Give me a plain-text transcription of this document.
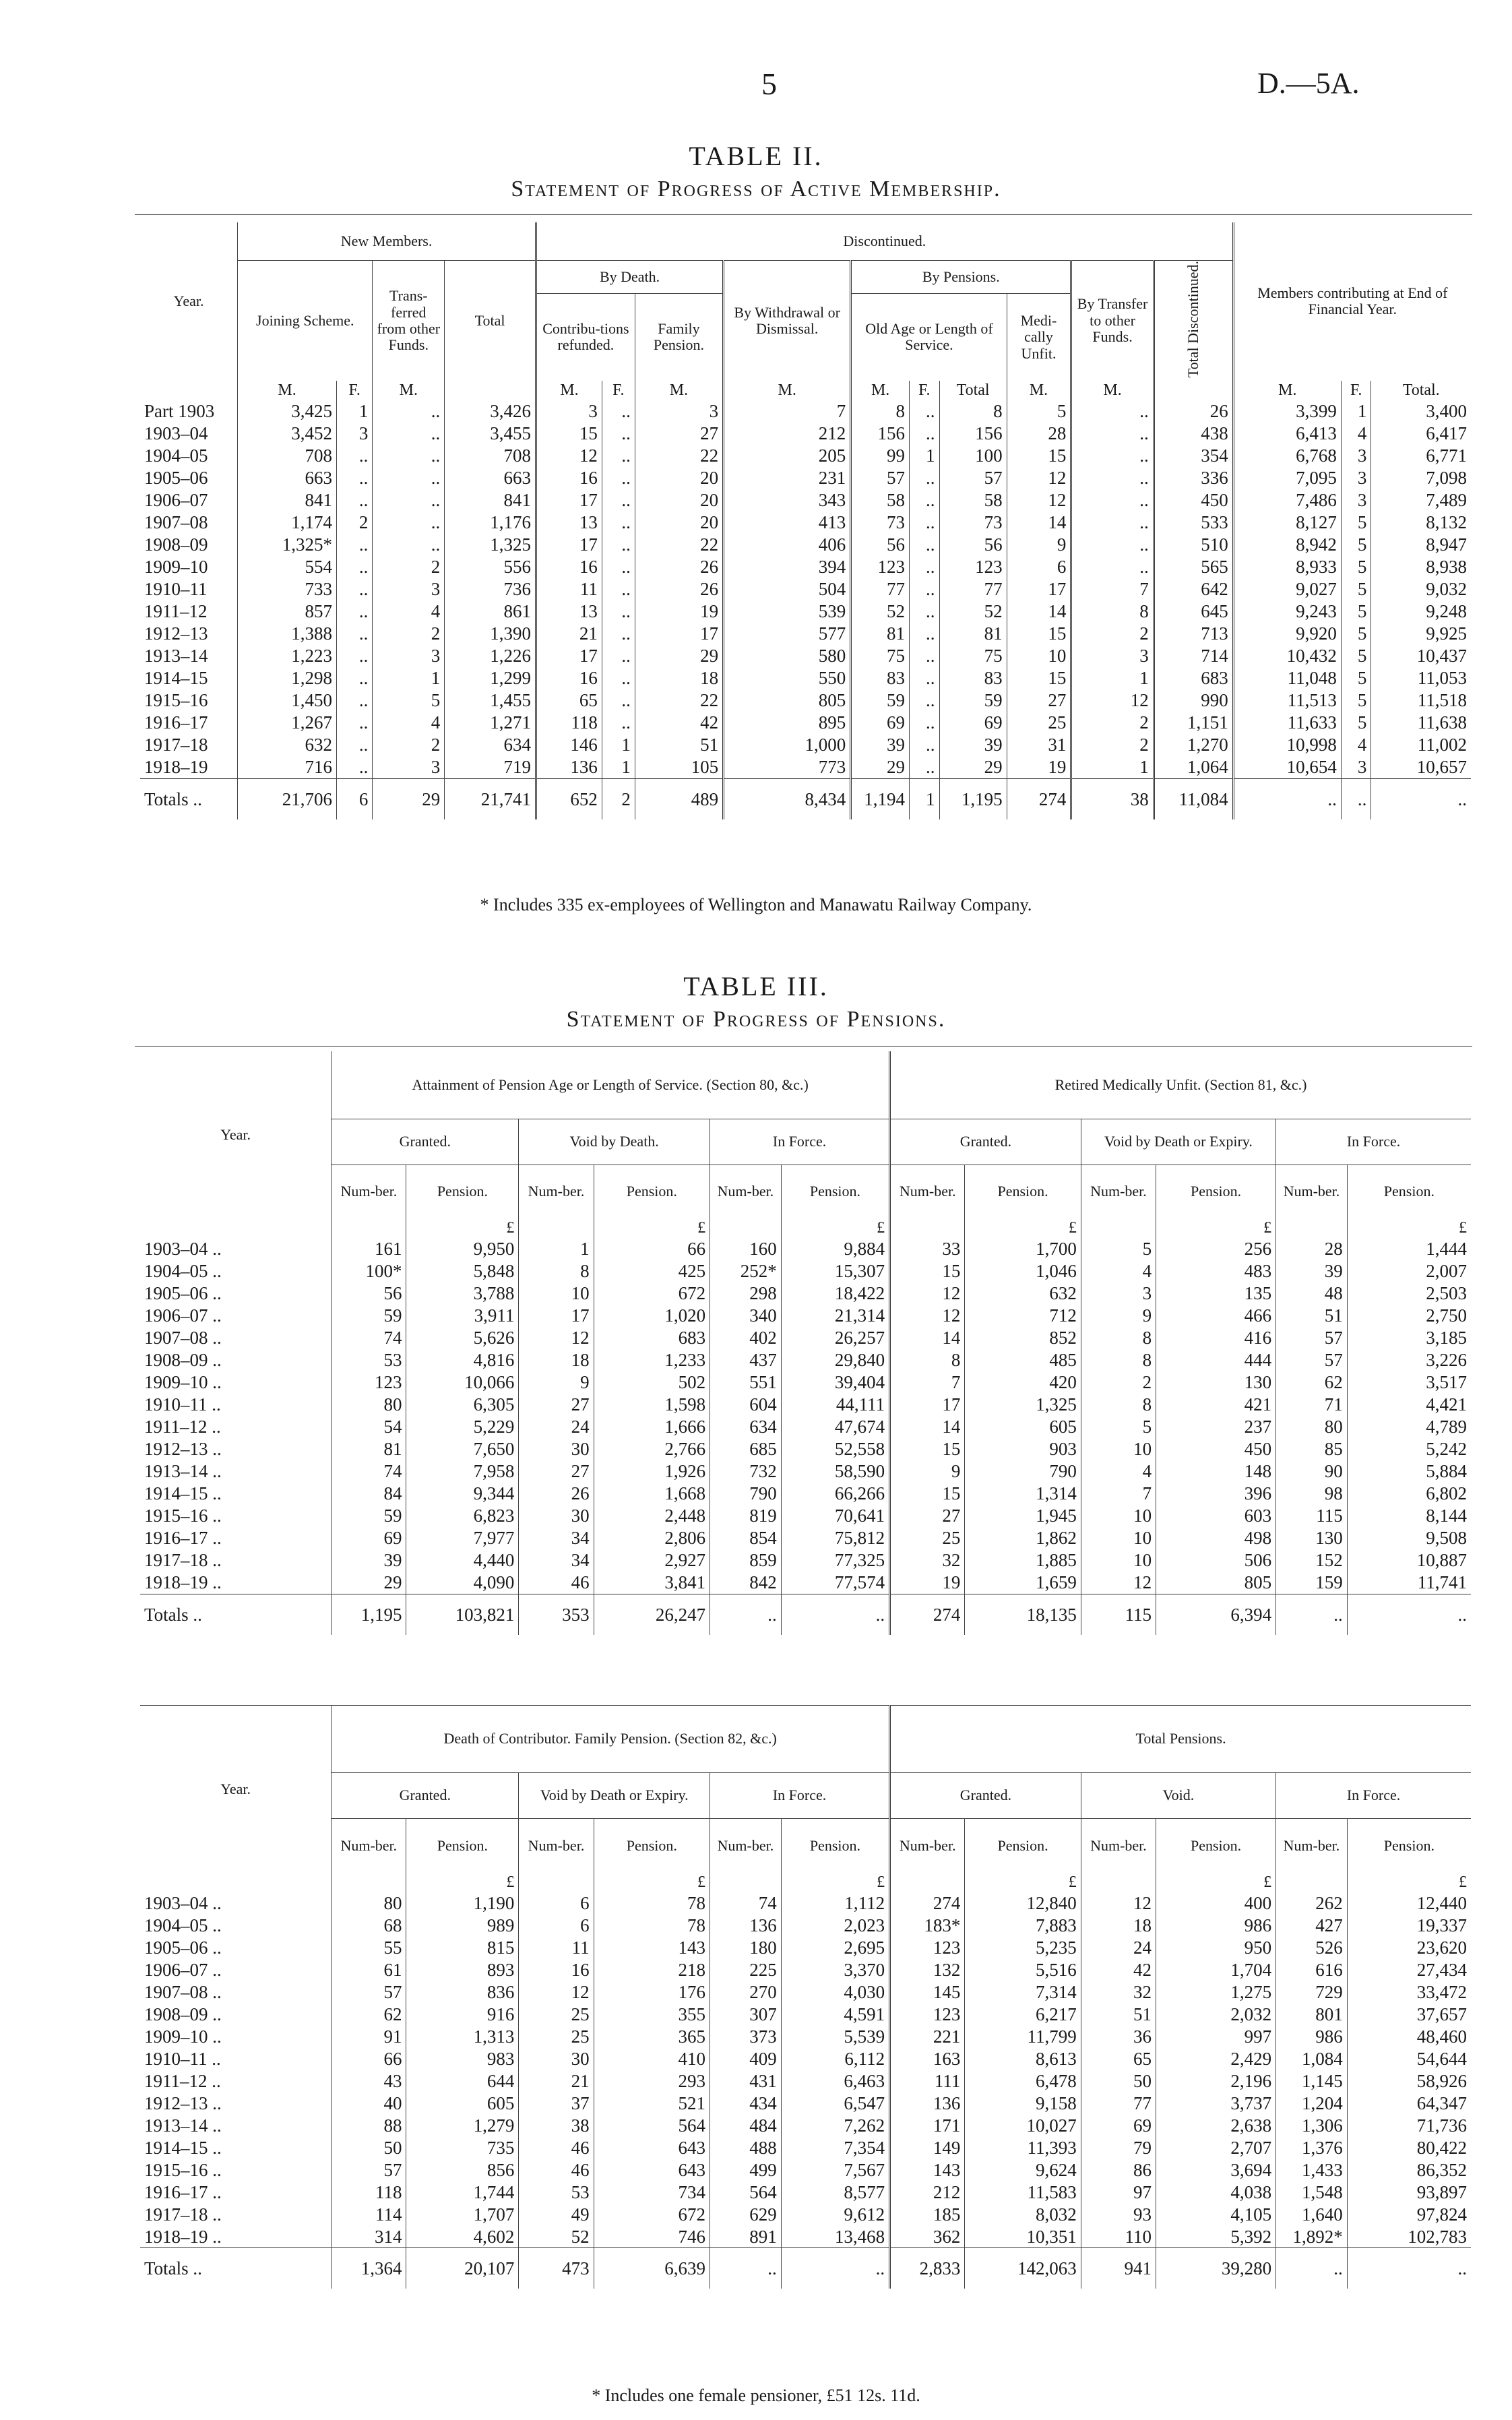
5	D.—5A.
TABLE II.
Statement of Progress of Active Membership.
Year.	New Members.				Discontinued.										Members contributing at End of Financial Year.		
	Joining Scheme.		Trans-ferred from other Funds.	Total	By Death.			By Withdrawal or Dismissal.	By Pensions.				By Transfer to other Funds.	Total Discontinued.			
					Contribu-tions refunded.		Family Pension.		Old Age or Length of Service.			Medi-cally Unfit.					
	M.	F.	M.		M.	F.	M.	M.	M.	F.	Total	M.	M.		M.	F.	Total.
Part 1903	3,425	1	..	3,426	3	..	3	7	8	..	8	5	..	26	3,399	1	3,400
1903–04	3,452	3	..	3,455	15	..	27	212	156	..	156	28	..	438	6,413	4	6,417
1904–05	708	..	..	708	12	..	22	205	99	1	100	15	..	354	6,768	3	6,771
1905–06	663	..	..	663	16	..	20	231	57	..	57	12	..	336	7,095	3	7,098
1906–07	841	..	..	841	17	..	20	343	58	..	58	12	..	450	7,486	3	7,489
1907–08	1,174	2	..	1,176	13	..	20	413	73	..	73	14	..	533	8,127	5	8,132
1908–09	1,325*	..	..	1,325	17	..	22	406	56	..	56	9	..	510	8,942	5	8,947
1909–10	554	..	2	556	16	..	26	394	123	..	123	6	..	565	8,933	5	8,938
1910–11	733	..	3	736	11	..	26	504	77	..	77	17	7	642	9,027	5	9,032
1911–12	857	..	4	861	13	..	19	539	52	..	52	14	8	645	9,243	5	9,248
1912–13	1,388	..	2	1,390	21	..	17	577	81	..	81	15	2	713	9,920	5	9,925
1913–14	1,223	..	3	1,226	17	..	29	580	75	..	75	10	3	714	10,432	5	10,437
1914–15	1,298	..	1	1,299	16	..	18	550	83	..	83	15	1	683	11,048	5	11,053
1915–16	1,450	..	5	1,455	65	..	22	805	59	..	59	27	12	990	11,513	5	11,518
1916–17	1,267	..	4	1,271	118	..	42	895	69	..	69	25	2	1,151	11,633	5	11,638
1917–18	632	..	2	634	146	1	51	1,000	39	..	39	31	2	1,270	10,998	4	11,002
1918–19	716	..	3	719	136	1	105	773	29	..	29	19	1	1,064	10,654	3	10,657
Totals ..	21,706	6	29	21,741	652	2	489	8,434	1,194	1	1,195	274	38	11,084	..	..	..
* Includes 335 ex-employees of Wellington and Manawatu Railway Company.
TABLE III.
Statement of Progress of Pensions.
Year.	Attainment of Pension Age or Length of Service. (Section 80, &c.)						Retired Medically Unfit. (Section 81, &c.)					
	Granted.		Void by Death.		In Force.		Granted.		Void by Death or Expiry.		In Force.	
	Num-ber.	Pension.	Num-ber.	Pension.	Num-ber.	Pension.	Num-ber.	Pension.	Num-ber.	Pension.	Num-ber.	Pension.
		£		£		£		£		£		£
1903–04 ..	161	9,950	1	66	160	9,884	33	1,700	5	256	28	1,444
1904–05 ..	100*	5,848	8	425	252*	15,307	15	1,046	4	483	39	2,007
1905–06 ..	56	3,788	10	672	298	18,422	12	632	3	135	48	2,503
1906–07 ..	59	3,911	17	1,020	340	21,314	12	712	9	466	51	2,750
1907–08 ..	74	5,626	12	683	402	26,257	14	852	8	416	57	3,185
1908–09 ..	53	4,816	18	1,233	437	29,840	8	485	8	444	57	3,226
1909–10 ..	123	10,066	9	502	551	39,404	7	420	2	130	62	3,517
1910–11 ..	80	6,305	27	1,598	604	44,111	17	1,325	8	421	71	4,421
1911–12 ..	54	5,229	24	1,666	634	47,674	14	605	5	237	80	4,789
1912–13 ..	81	7,650	30	2,766	685	52,558	15	903	10	450	85	5,242
1913–14 ..	74	7,958	27	1,926	732	58,590	9	790	4	148	90	5,884
1914–15 ..	84	9,344	26	1,668	790	66,266	15	1,314	7	396	98	6,802
1915–16 ..	59	6,823	30	2,448	819	70,641	27	1,945	10	603	115	8,144
1916–17 ..	69	7,977	34	2,806	854	75,812	25	1,862	10	498	130	9,508
1917–18 ..	39	4,440	34	2,927	859	77,325	32	1,885	10	506	152	10,887
1918–19 ..	29	4,090	46	3,841	842	77,574	19	1,659	12	805	159	11,741
Totals ..	1,195	103,821	353	26,247	..	..	274	18,135	115	6,394	..	..
Year.	Death of Contributor. Family Pension. (Section 82, &c.)						Total Pensions.					
	Granted.		Void by Death or Expiry.		In Force.		Granted.		Void.		In Force.	
	Num-ber.	Pension.	Num-ber.	Pension.	Num-ber.	Pension.	Num-ber.	Pension.	Num-ber.	Pension.	Num-ber.	Pension.
		£		£		£		£		£		£
1903–04 ..	80	1,190	6	78	74	1,112	274	12,840	12	400	262	12,440
1904–05 ..	68	989	6	78	136	2,023	183*	7,883	18	986	427	19,337
1905–06 ..	55	815	11	143	180	2,695	123	5,235	24	950	526	23,620
1906–07 ..	61	893	16	218	225	3,370	132	5,516	42	1,704	616	27,434
1907–08 ..	57	836	12	176	270	4,030	145	7,314	32	1,275	729	33,472
1908–09 ..	62	916	25	355	307	4,591	123	6,217	51	2,032	801	37,657
1909–10 ..	91	1,313	25	365	373	5,539	221	11,799	36	997	986	48,460
1910–11 ..	66	983	30	410	409	6,112	163	8,613	65	2,429	1,084	54,644
1911–12 ..	43	644	21	293	431	6,463	111	6,478	50	2,196	1,145	58,926
1912–13 ..	40	605	37	521	434	6,547	136	9,158	77	3,737	1,204	64,347
1913–14 ..	88	1,279	38	564	484	7,262	171	10,027	69	2,638	1,306	71,736
1914–15 ..	50	735	46	643	488	7,354	149	11,393	79	2,707	1,376	80,422
1915–16 ..	57	856	46	643	499	7,567	143	9,624	86	3,694	1,433	86,352
1916–17 ..	118	1,744	53	734	564	8,577	212	11,583	97	4,038	1,548	93,897
1917–18 ..	114	1,707	49	672	629	9,612	185	8,032	93	4,105	1,640	97,824
1918–19 ..	314	4,602	52	746	891	13,468	362	10,351	110	5,392	1,892*	102,783
Totals ..	1,364	20,107	473	6,639	..	..	2,833	142,063	941	39,280	..	..
* Includes one female pensioner, £51 12s. 11d.
